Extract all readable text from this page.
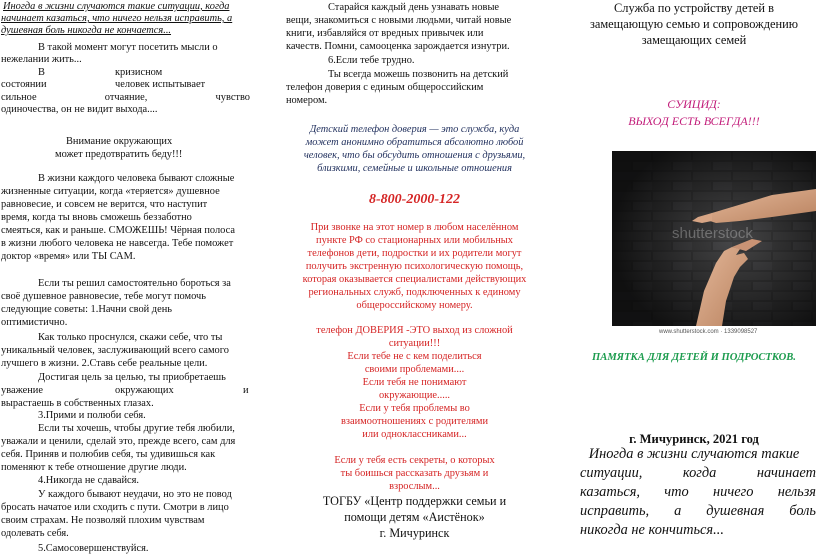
Иногда в жизни случаются такие ситуации, когда
начинает казаться, что ничего нельзя исправить, а
душевная боль никогда не кончается...
В такой момент могут посетить мысли о
нежелании жить...
В	кризисном
состоянии	человек испытывает
сильное	отчаяние,	чувство
одиночества, он не видит выхода....
Внимание окружающих
может предотвратить беду!!!
В жизни каждого человека бывают сложные
жизненные ситуации, когда «теряется» душевное
равновесие, и совсем не верится, что наступит
время, когда ты вновь сможешь беззаботно
смеяться, как и раньше. СМОЖЕШЬ! Чёрная полоса
в жизни любого человека не навсегда. Тебе поможет
доктор «время» или ТЫ САМ.
Если ты решил самостоятельно бороться за
своё душевное равновесие, тебе могут помочь
следующие советы: 1.Начни свой день
оптимистично.
Как только проснулся, скажи себе, что ты
уникальный человек, заслуживающий всего самого
лучшего в жизни. 2.Ставь себе реальные цели.
Достигая цель за целью, ты приобретаешь
уважение	окружающих	и
вырастаешь в собственных глазах.
3.Прими и полюби себя.
Если ты хочешь, чтобы другие тебя любили,
уважали и ценили, сделай это, прежде всего, сам для
себя. Приняв и полюбив себя, ты удивишься как
поменяют к тебе отношение другие люди.
4.Никогда не сдавайся.
У каждого бывают неудачи, но это не повод
бросать начатое или сходить с пути. Смотри в лицо
своим страхам. Не позволяй плохим чувствам
одолевать себя.
5.Самосовершенствуйся.
Старайся каждый день узнавать новые
вещи, знакомиться с новыми людьми, читай новые
книги, избавляйся от вредных привычек или
качеств. Помни, самооценка зарождается изнутри.
6.Если тебе трудно.
Ты всегда можешь позвонить на детский
телефон доверия с единым общероссийским
номером.
Детский телефон доверия — это служба, куда
может анонимно обратиться абсолютно любой
человек, что бы обсудить отношения с друзьями,
близкими, семейные и школьные отношения
8-800-2000-122
При звонке на этот номер в любом населённом
пункте РФ со стационарных или мобильных
телефонов дети, подростки и их родители могут
получить экстренную психологическую помощь,
которая оказывается специалистами действующих
региональных служб, подключенных к единому
общероссийскому номеру.
телефон ДОВЕРИЯ -ЭТО выход из сложной
ситуации!!!
Если тебе не с кем поделиться
своими проблемами....
Если тебя не понимают
окружающие.....
Если у тебя проблемы во
взаимоотношениях с родителями
или одноклассниками...
Если у тебя есть секреты, о которых
ты боишься рассказать друзьям и
взрослым...
ТОГБУ «Центр поддержки семьи и
помощи детям «Аистёнок»
г. Мичуринск
Служба по устройству детей в
замещающую семью и сопровождению
замещающих семей
СУИЦИД:
ВЫХОД ЕСТЬ ВСЕГДА!!!
shutterstock
www.shutterstock.com · 1339098527
ПАМЯТКА ДЛЯ ДЕТЕЙ И ПОДРОСТКОВ.
г. Мичуринск, 2021 год
Иногда в жизни случаются такие
ситуации,	когда	начинает
казаться, что ничего нельзя
исправить, а душевная боль
никогда не кончиться...
